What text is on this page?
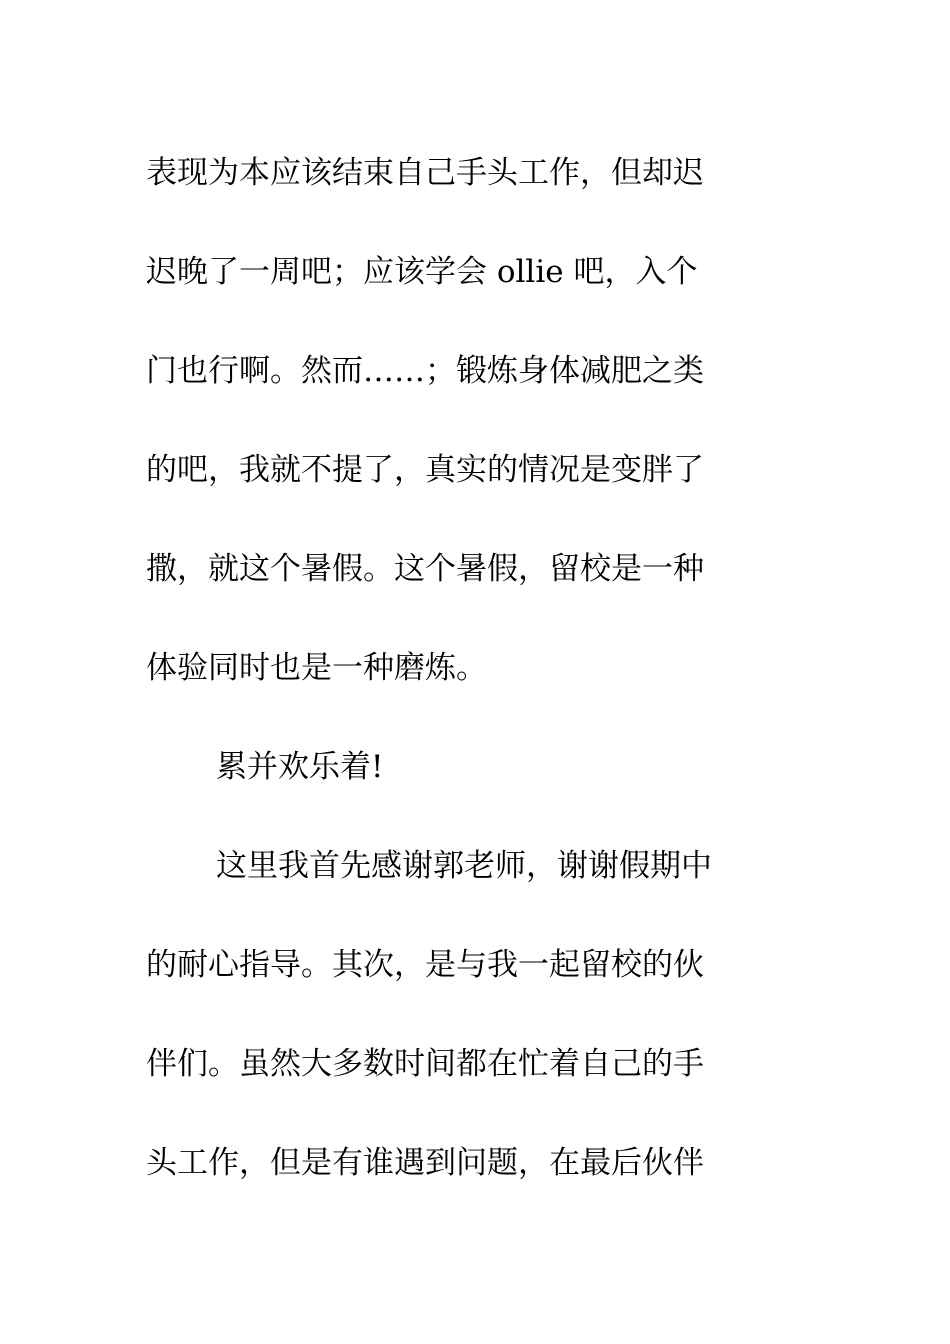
表现为本应该结束自己手头工作，但却迟
迟晚了一周吧；应该学会 ollie 吧，入个
门也行啊。然而……；锻炼身体减肥之类
的吧，我就不提了，真实的情况是变胖了
撒，就这个暑假。这个暑假，留校是一种
体验同时也是一种磨炼。
累并欢乐着!
这里我首先感谢郭老师，谢谢假期中
的耐心指导。其次，是与我一起留校的伙
伴们。虽然大多数时间都在忙着自己的手
头工作，但是有谁遇到问题，在最后伙伴
